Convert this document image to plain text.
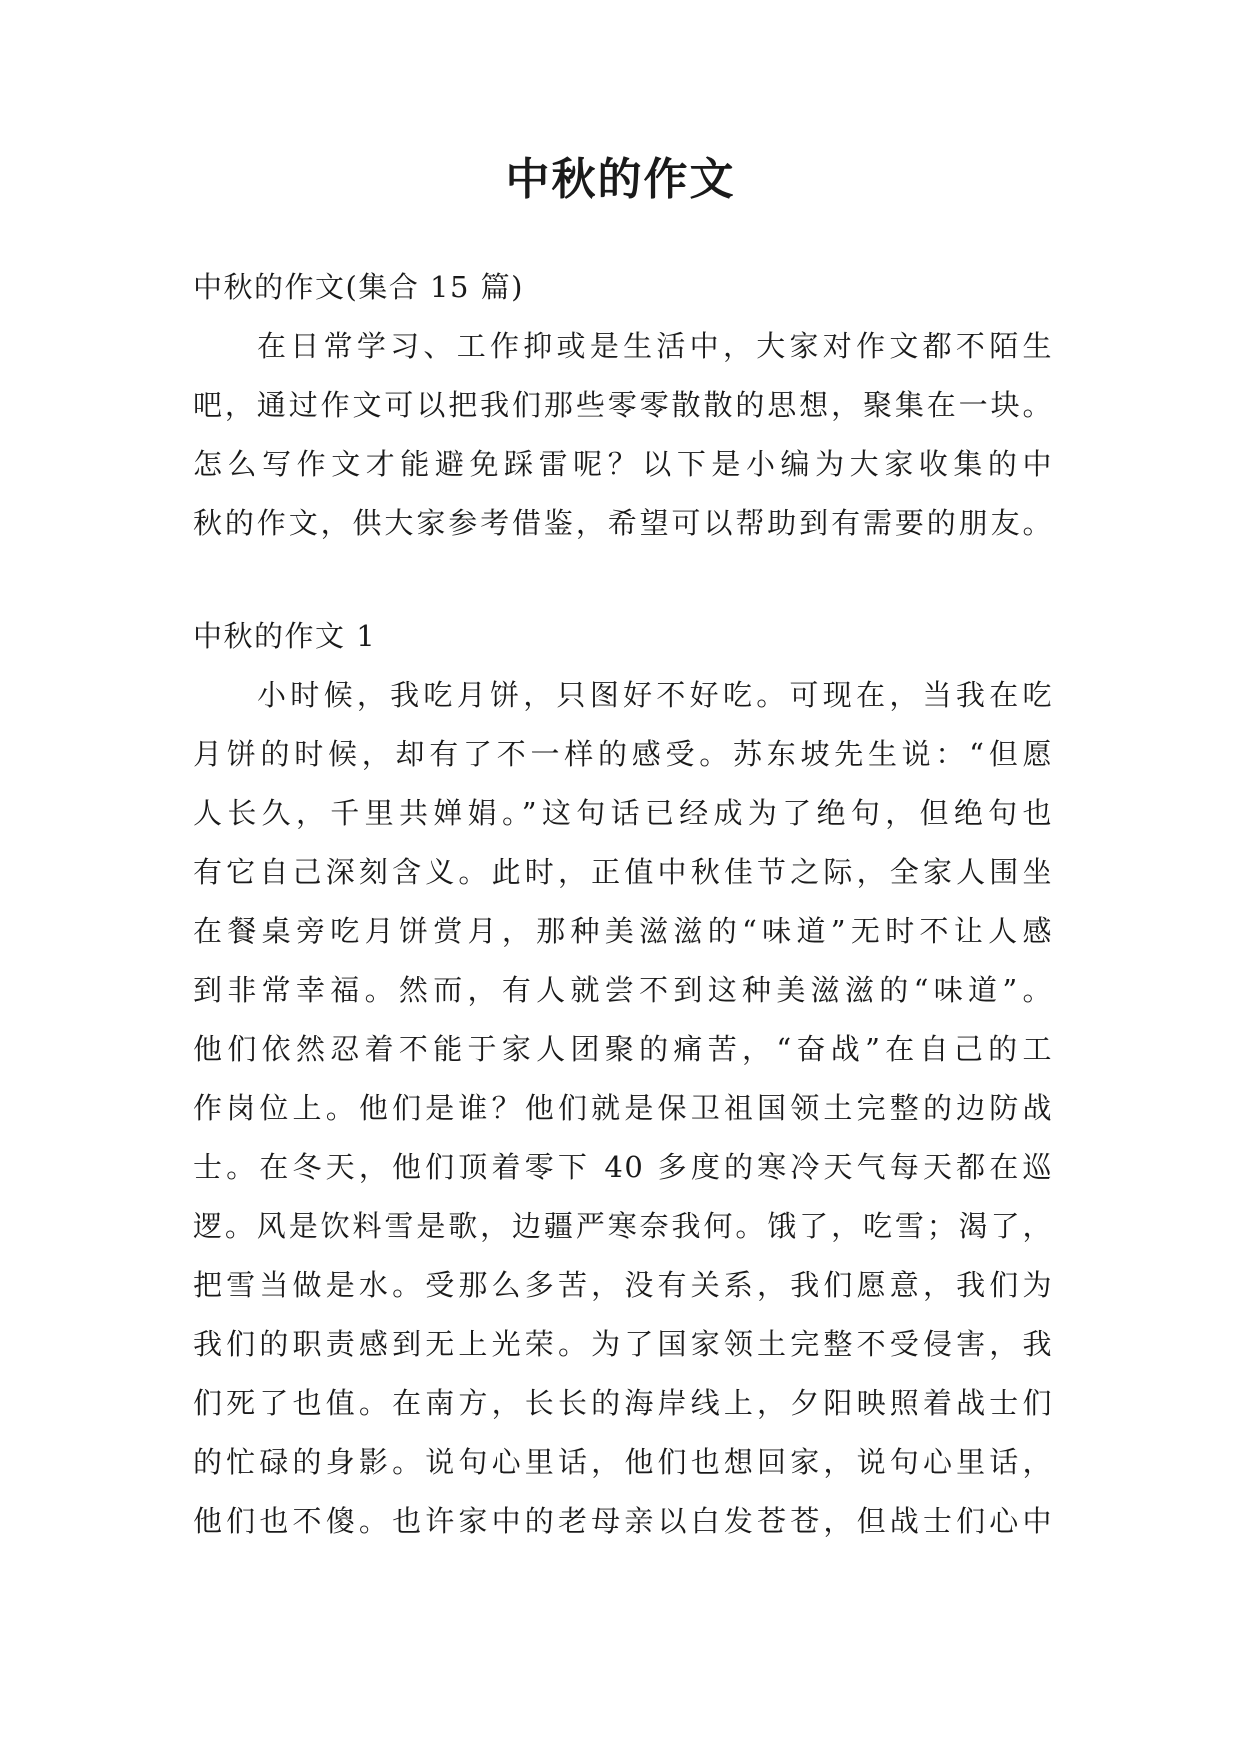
中秋的作文
中秋的作文(集合 15 篇)
在日常学习、工作抑或是生活中，大家对作文都不陌生
吧，通过作文可以把我们那些零零散散的思想，聚集在一块。
怎么写作文才能避免踩雷呢？以下是小编为大家收集的中
秋的作文，供大家参考借鉴，希望可以帮助到有需要的朋友。
中秋的作文 1
小时候，我吃月饼，只图好不好吃。可现在，当我在吃
月饼的时候，却有了不一样的感受。苏东坡先生说：“但愿
人长久，千里共婵娟。”这句话已经成为了绝句，但绝句也
有它自己深刻含义。此时，正值中秋佳节之际，全家人围坐
在餐桌旁吃月饼赏月，那种美滋滋的“味道”无时不让人感
到非常幸福。然而，有人就尝不到这种美滋滋的“味道”。
他们依然忍着不能于家人团聚的痛苦，“奋战”在自己的工
作岗位上。他们是谁？他们就是保卫祖国领土完整的边防战
士。在冬天，他们顶着零下 40 多度的寒冷天气每天都在巡
逻。风是饮料雪是歌，边疆严寒奈我何。饿了，吃雪；渴了，
把雪当做是水。受那么多苦，没有关系，我们愿意，我们为
我们的职责感到无上光荣。为了国家领土完整不受侵害，我
们死了也值。在南方，长长的海岸线上，夕阳映照着战士们
的忙碌的身影。说句心里话，他们也想回家，说句心里话，
他们也不傻。也许家中的老母亲以白发苍苍，但战士们心中
